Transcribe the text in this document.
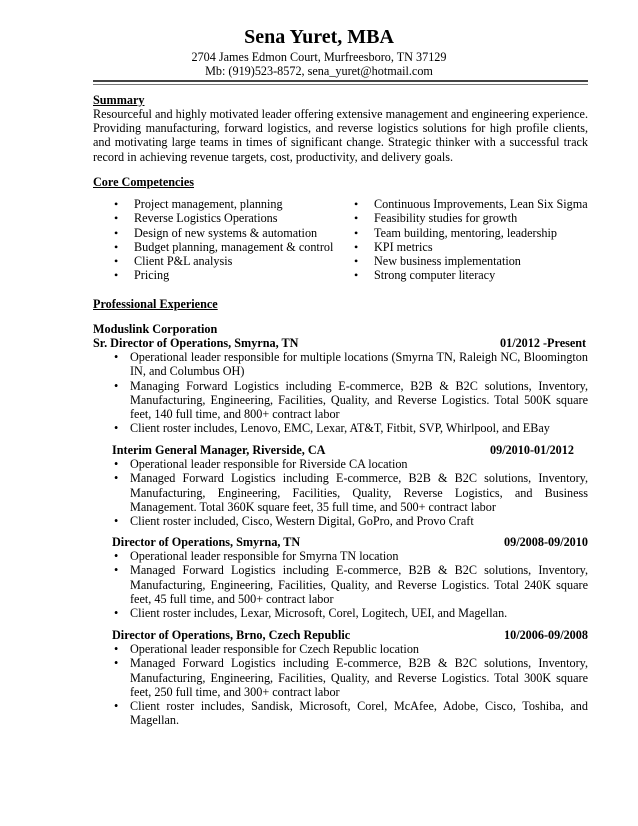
Sena Yuret, MBA
2704 James Edmon Court, Murfreesboro, TN 37129
Mb: (919)523-8572, sena_yuret@hotmail.com
Summary
Resourceful and highly motivated leader offering extensive management and engineering experience. Providing manufacturing, forward logistics, and reverse logistics solutions for high profile clients, and motivating large teams in times of significant change. Strategic thinker with a successful track record in achieving revenue targets, cost, productivity, and delivery goals.
Core Competencies
• Project management, planning
• Reverse Logistics Operations
• Design of new systems & automation
• Budget planning, management & control
• Client P&L analysis
• Pricing
• Continuous Improvements, Lean Six Sigma
• Feasibility studies for growth
• Team building, mentoring, leadership
• KPI metrics
• New business implementation
• Strong computer literacy
Professional Experience
Moduslink Corporation
Sr. Director of Operations, Smyrna, TN	01/2012 -Present
• Operational leader responsible for multiple locations (Smyrna TN, Raleigh NC, Bloomington IN, and Columbus OH)
• Managing Forward Logistics including E-commerce, B2B & B2C solutions, Inventory, Manufacturing, Engineering, Facilities, Quality, and Reverse Logistics. Total 500K square feet, 140 full time, and 800+ contract labor
• Client roster includes, Lenovo, EMC, Lexar, AT&T, Fitbit, SVP, Whirlpool, and EBay
Interim General Manager, Riverside, CA	09/2010-01/2012
• Operational leader responsible for Riverside CA location
• Managed Forward Logistics including E-commerce, B2B & B2C solutions, Inventory, Manufacturing, Engineering, Facilities, Quality, Reverse Logistics, and Business Management. Total 360K square feet, 35 full time, and 500+ contract labor
• Client roster included, Cisco, Western Digital, GoPro, and Provo Craft
Director of Operations, Smyrna, TN	09/2008-09/2010
• Operational leader responsible for Smyrna TN location
• Managed Forward Logistics including E-commerce, B2B & B2C solutions, Inventory, Manufacturing, Engineering, Facilities, Quality, and Reverse Logistics. Total 240K square feet, 45 full time, and 500+ contract labor
• Client roster includes, Lexar, Microsoft, Corel, Logitech, UEI, and Magellan.
Director of Operations, Brno, Czech Republic	10/2006-09/2008
• Operational leader responsible for Czech Republic location
• Managed Forward Logistics including E-commerce, B2B & B2C solutions, Inventory, Manufacturing, Engineering, Facilities, Quality, and Reverse Logistics. Total 300K square feet, 250 full time, and 300+ contract labor
• Client roster includes, Sandisk, Microsoft, Corel, McAfee, Adobe, Cisco, Toshiba, and Magellan.
